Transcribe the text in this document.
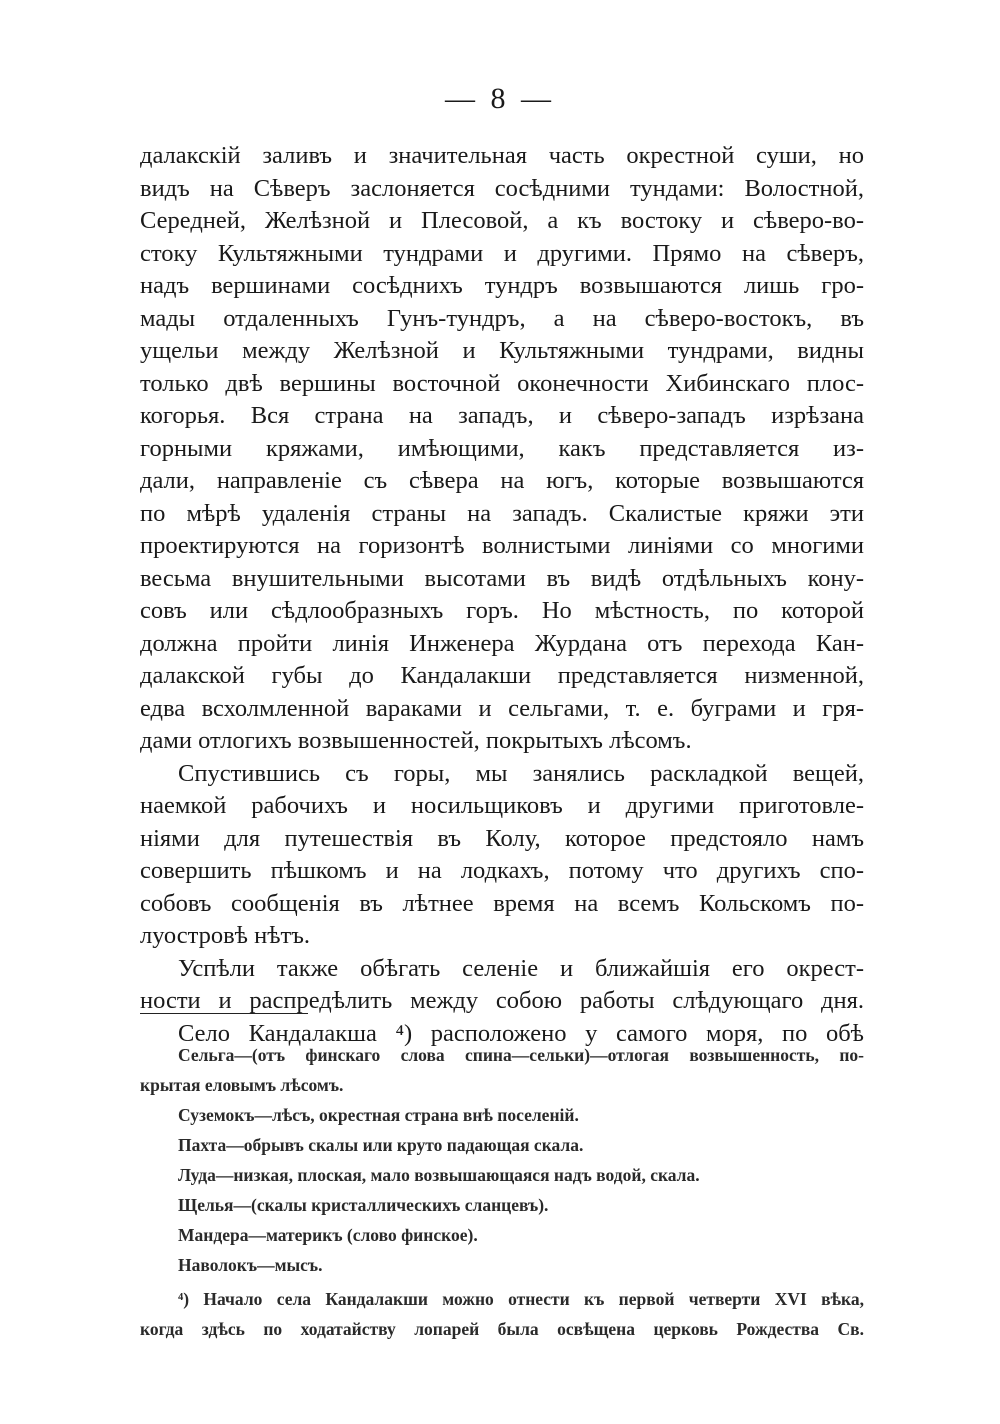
— 8 —
далакскій заливъ и значительная часть окрестной суши, но
видъ на Сѣверъ заслоняется сосѣдними тундами: Волостной,
Середней, Желѣзной и Плесовой, а къ востоку и сѣверо-во-
стоку Культяжными тундрами и другими. Прямо на сѣверъ,
надъ вершинами сосѣднихъ тундръ возвышаются лишь гро-
мады отдаленныхъ Гунъ-тундръ, а на сѣверо-востокъ, въ
ущельи между Желѣзной и Культяжными тундрами, видны
только двѣ вершины восточной оконечности Хибинскаго плос-
когорья. Вся страна на западъ, и сѣверо-западъ изрѣзана
горными кряжами, имѣющими, какъ представляется из-
дали, направленіе съ сѣвера на югъ, которые возвышаются
по мѣрѣ удаленія страны на западъ. Скалистые кряжи эти
проектируются на горизонтѣ волнистыми линіями со многими
весьма внушительными высотами въ видѣ отдѣльныхъ кону-
совъ или сѣдлообразныхъ горъ. Но мѣстность, по которой
должна пройти линія Инженера Журдана отъ перехода Кан-
далакской губы до Кандалакши представляется низменной,
едва всхолмленной вараками и сельгами, т. е. буграми и гря-
дами отлогихъ возвышенностей, покрытыхъ лѣсомъ.
Спустившись съ горы, мы занялись раскладкой вещей,
наемкой рабочихъ и носильщиковъ и другими приготовле-
ніями для путешествія въ Колу, которое предстояло намъ
совершить пѣшкомъ и на лодкахъ, потому что другихъ спо-
собовъ сообщенія въ лѣтнее время на всемъ Кольскомъ по-
луостровѣ нѣтъ.
Успѣли также обѣгать селеніе и ближайшія его окрест-
ности и распредѣлить между собою работы слѣдующаго дня.
Село Кандалакша ⁴) расположено у самого моря, по обѣ
Сельга—(отъ финскаго слова спина—сельки)—отлогая возвышенность, по-
крытая еловымъ лѣсомъ.
Суземокъ—лѣсъ, окрестная страна внѣ поселеній.
Пахта—обрывъ скалы или круто падающая скала.
Луда—низкая, плоская, мало возвышающаяся надъ водой, скала.
Щелья—(скалы кристаллическихъ сланцевъ).
Мандера—материкъ (слово финское).
Наволокъ—мысъ.
⁴) Начало села Кандалакши можно отнести къ первой четверти XVI вѣка,
когда здѣсь по ходатайству лопарей была освѣщена церковь Рождества Св.
